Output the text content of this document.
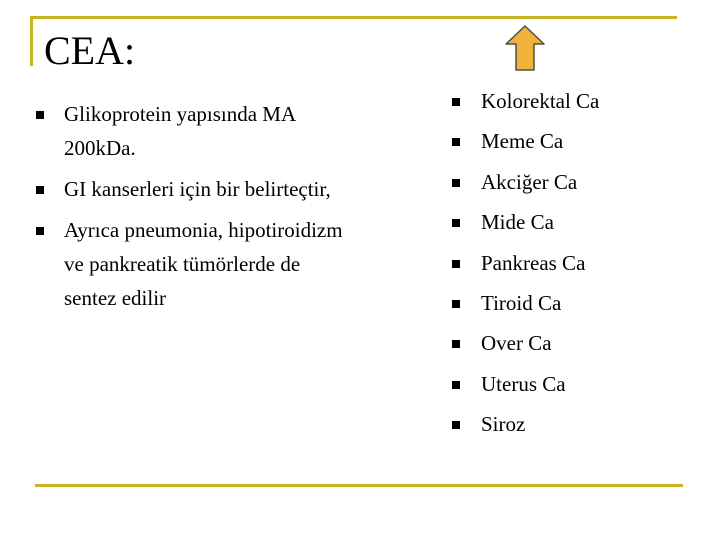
CEA:
Glikoprotein yapısında MA 200kDa.
GI kanserleri için bir belirteçtir,
Ayrıca pneumonia, hipotiroidizm ve pankreatik tümörlerde de sentez edilir
Kolorektal Ca
Meme Ca
Akciğer Ca
Mide Ca
Pankreas Ca
Tiroid Ca
Over Ca
Uterus Ca
Siroz
